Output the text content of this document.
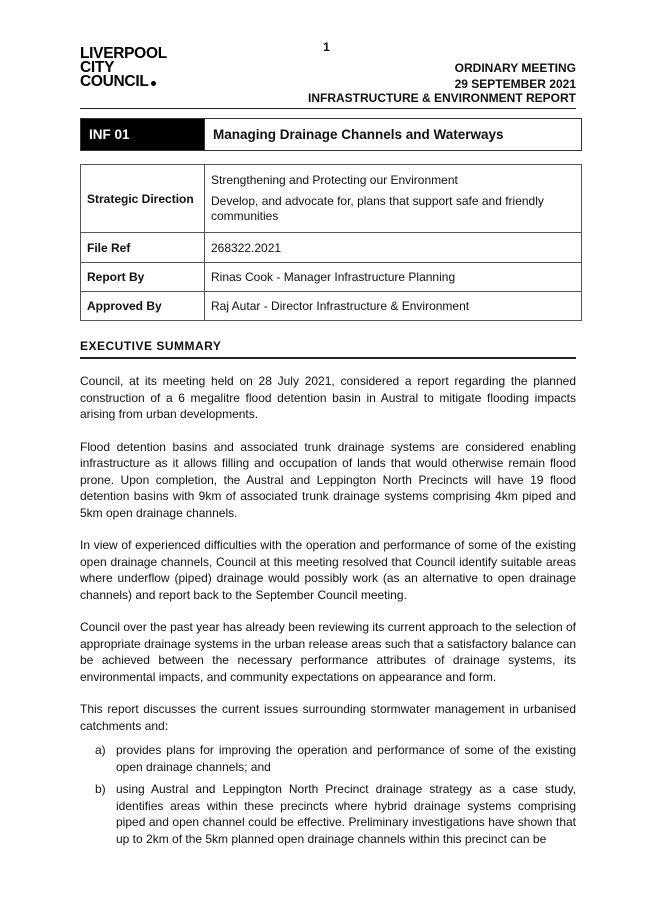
1
LIVERPOOL
CITY
COUNCIL
ORDINARY MEETING
29 SEPTEMBER 2021
INFRASTRUCTURE & ENVIRONMENT REPORT
INF 01	Managing Drainage Channels and Waterways
Strategic Direction	Strengthening and Protecting our Environment

Develop, and advocate for, plans that support safe and friendly communities

File Ref	268322.2021
Report By	Rinas Cook - Manager Infrastructure Planning
Approved By	Raj Autar - Director Infrastructure & Environment
EXECUTIVE SUMMARY

Council, at its meeting held on 28 July 2021, considered a report regarding the planned construction of a 6 megalitre flood detention basin in Austral to mitigate flooding impacts arising from urban developments.

Flood detention basins and associated trunk drainage systems are considered enabling infrastructure as it allows filling and occupation of lands that would otherwise remain flood prone. Upon completion, the Austral and Leppington North Precincts will have 19 flood detention basins with 9km of associated trunk drainage systems comprising 4km piped and 5km open drainage channels.

In view of experienced difficulties with the operation and performance of some of the existing open drainage channels, Council at this meeting resolved that Council identify suitable areas where underflow (piped) drainage would possibly work (as an alternative to open drainage channels) and report back to the September Council meeting.

Council over the past year has already been reviewing its current approach to the selection of appropriate drainage systems in the urban release areas such that a satisfactory balance can be achieved between the necessary performance attributes of drainage systems, its environmental impacts, and community expectations on appearance and form.

This report discusses the current issues surrounding stormwater management in urbanised catchments and:

a) provides plans for improving the operation and performance of some of the existing open drainage channels; and
b) using Austral and Leppington North Precinct drainage strategy as a case study, identifies areas within these precincts where hybrid drainage systems comprising piped and open channel could be effective. Preliminary investigations have shown that up to 2km of the 5km planned open drainage channels within this precinct can be
